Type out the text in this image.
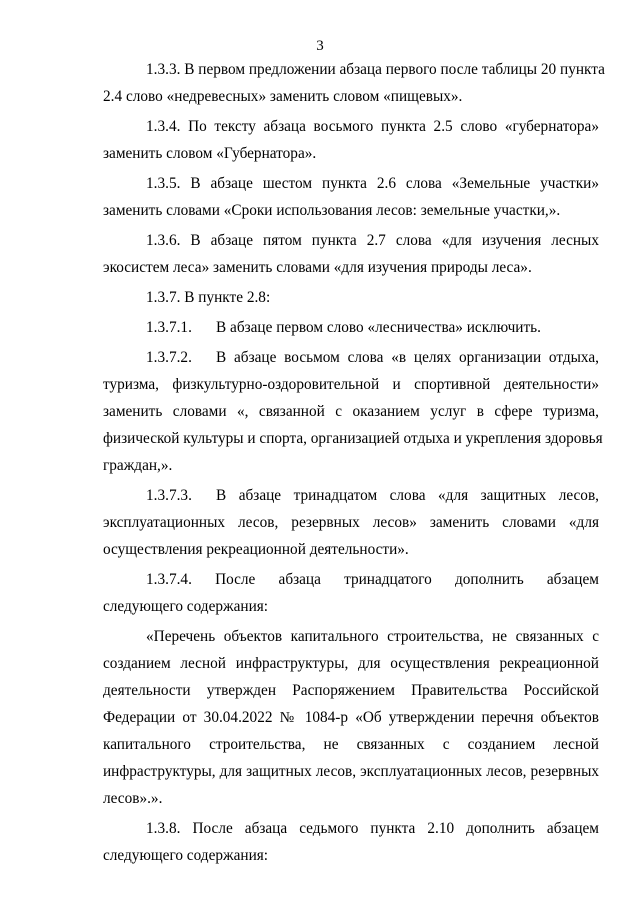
3
1.3.3. В первом предложении абзаца первого после таблицы 20 пункта
2.4 слово «недревесных» заменить словом «пищевых».
1.3.4. По тексту абзаца восьмого пункта 2.5 слово «губернатора»
заменить словом «Губернатора».
1.3.5. В абзаце шестом пункта 2.6 слова «Земельные участки»
заменить словами «Сроки использования лесов: земельные участки,».
1.3.6. В абзаце пятом пункта 2.7 слова «для изучения лесных
экосистем леса» заменить словами «для изучения природы леса».
1.3.7. В пункте 2.8:
1.3.7.1. В абзаце первом слово «лесничества» исключить.
1.3.7.2.	В абзаце восьмом слова «в целях организации отдыха,
туризма, физкультурно-оздоровительной и спортивной деятельности»
заменить словами «, связанной с оказанием услуг в сфере туризма,
физической культуры и спорта, организацией отдыха и укрепления здоровья
граждан,».
1.3.7.3.	В абзаце тринадцатом слова «для защитных лесов,
эксплуатационных лесов, резервных лесов» заменить словами «для
осуществления рекреационной деятельности».
1.3.7.4. После абзаца тринадцатого дополнить абзацем
следующего содержания:
«Перечень объектов капитального строительства, не связанных с
созданием лесной инфраструктуры, для осуществления рекреационной
деятельности утвержден Распоряжением Правительства Российской
Федерации от 30.04.2022 № 1084-р «Об утверждении перечня объектов
капитального строительства, не связанных с созданием лесной
инфраструктуры, для защитных лесов, эксплуатационных лесов, резервных
лесов».».
1.3.8. После абзаца седьмого пункта 2.10 дополнить абзацем
следующего содержания:
